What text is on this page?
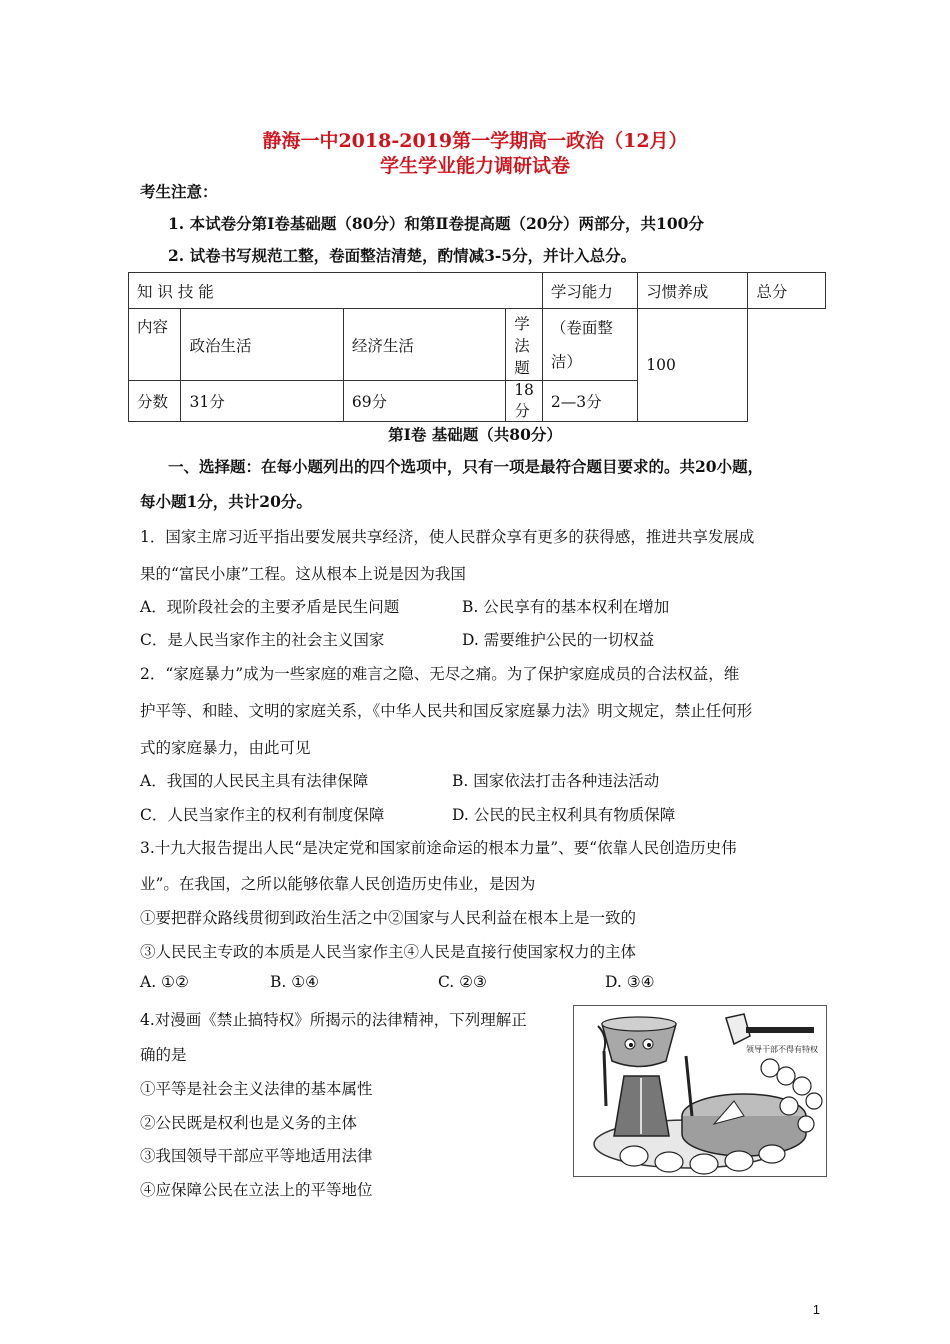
静海一中2018-2019第一学期高一政治（12月）
学生学业能力调研试卷
考生注意：
1. 本试卷分第Ⅰ卷基础题（80分）和第Ⅱ卷提高题（20分）两部分，共100分
2. 试卷书写规范工整，卷面整洁清楚，酌情减3-5分，并计入总分。
知 识 技 能				学习能力	习惯养成	总分
内容	政治生活	经济生活	学法题	（卷面整
洁）	100	
分数	31分	69分	18分	2—3分		
第Ⅰ卷 基础题（共80分）
一、选择题：在每小题列出的四个选项中，只有一项是最符合题目要求的。共20小题，
每小题1分，共计20分。
1．国家主席习近平指出要发展共享经济，使人民群众享有更多的获得感，推进共享发展成
果的“富民小康”工程。这从根本上说是因为我国
A．现阶段社会的主要矛盾是民生问题	B. 公民享有的基本权利在增加
C．是人民当家作主的社会主义国家	D. 需要维护公民的一切权益
2．“家庭暴力”成为一些家庭的难言之隐、无尽之痛。为了保护家庭成员的合法权益，维
护平等、和睦、文明的家庭关系，《中华人民共和国反家庭暴力法》明文规定，禁止任何形
式的家庭暴力，由此可见
A．我国的人民民主具有法律保障	B. 国家依法打击各种违法活动
C．人民当家作主的权利有制度保障	D. 公民的民主权利具有物质保障
3.十九大报告提出人民“是决定党和国家前途命运的根本力量”、要“依靠人民创造历史伟
业”。在我国，之所以能够依靠人民创造历史伟业，是因为
①要把群众路线贯彻到政治生活之中②国家与人民利益在根本上是一致的
③人民民主专政的本质是人民当家作主④人民是直接行使国家权力的主体
A. ①②	B. ①④	C. ②③	D. ③④
4.对漫画《禁止搞特权》所揭示的法律精神，下列理解正
确的是
①平等是社会主义法律的基本属性
②公民既是权利也是义务的主体
③我国领导干部应平等地适用法律
④应保障公民在立法上的平等地位
领导干部不得有特权
1
